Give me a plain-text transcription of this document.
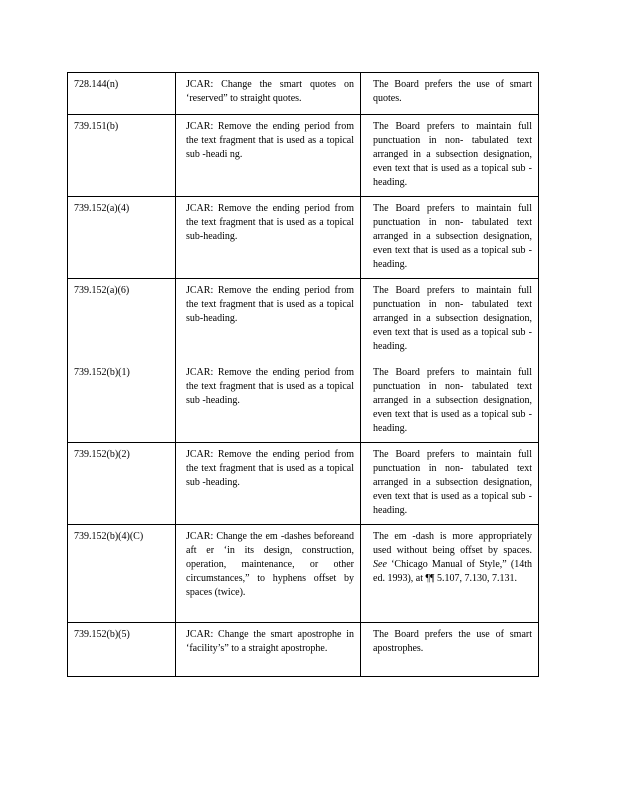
728.144(n)	JCAR: Change the smart quotes on ‘reserved” to straight quotes.	The Board prefers the use of smart quotes.

739.151(b)	JCAR: Remove the ending period from the text fragment that is used as a topical sub -headi ng.	The Board prefers to maintain full punctuation in non- tabulated text arranged in a subsection designation, even text that is used as a topical sub -heading.

739.152(a)(4)	JCAR: Remove the ending period from the text fragment that is used as a topical sub-heading.	The Board prefers to maintain full punctuation in non- tabulated text arranged in a subsection designation, even text that is used as a topical sub -heading.

739.152(a)(6)	JCAR: Remove the ending period from the text fragment that is used as a topical sub-heading.	The Board prefers to maintain full punctuation in non- tabulated text arranged in a subsection designation, even text that is used as a topical sub -heading.

739.152(b)(1)	JCAR: Remove the ending period from the text fragment that is used as a topical sub -heading.	The Board prefers to maintain full punctuation in non- tabulated text arranged in a subsection designation, even text that is used as a topical sub -heading.

739.152(b)(2)	JCAR: Remove the ending period from the text fragment that is used as a topical sub -heading.	The Board prefers to maintain full punctuation in non- tabulated text arranged in a subsection designation, even text that is used as a topical sub -heading.

739.152(b)(4)(C)	JCAR: Change the em -dashes beforeand aft er ‘in its design, construction, operation, maintenance, or other circumstances,” to hyphens offset by spaces (twice).	The em -dash is more appropriately used without being offset by spaces. See ‘Chicago Manual of Style,” (14th ed. 1993), at ¶¶ 5.107, 7.130, 7.131.

739.152(b)(5)	JCAR: Change the smart apostrophe in ‘facility’s” to a straight apostrophe.	The Board prefers the use of smart apostrophes.
